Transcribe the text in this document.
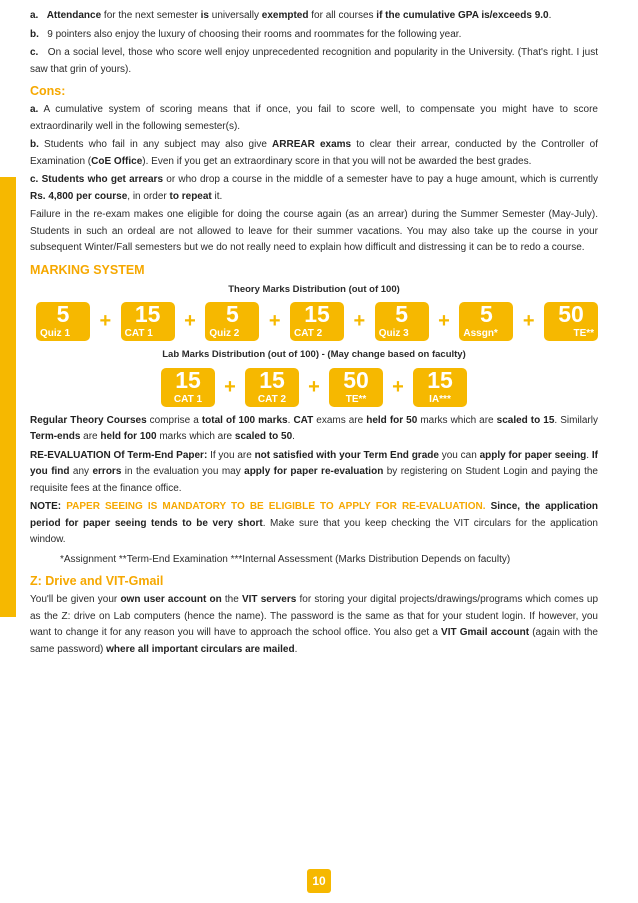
a. Attendance for the next semester is universally exempted for all courses if the cumulative GPA is/exceeds 9.0.

b. 9 pointers also enjoy the luxury of choosing their rooms and roommates for the following year.

c. On a social level, those who score well enjoy unprecedented recognition and popularity in the University. (That's right. I just saw that grin of yours).

Cons:

a. A cumulative system of scoring means that if once, you fail to score well, to compensate you might have to score extraordinarily well in the following semester(s).

b. Students who fail in any subject may also give ARREAR exams to clear their arrear, conducted by the Controller of Examination (CoE Office). Even if you get an extraordinary score in that you will not be awarded the best grades.

c. Students who get arrears or who drop a course in the middle of a semester have to pay a huge amount, which is currently Rs. 4,800 per course, in order to repeat it.

Failure in the re-exam makes one eligible for doing the course again (as an arrear) during the Summer Semester (May-July). Students in such an ordeal are not allowed to leave for their summer vacations. You may also take up the course in your subsequent Winter/Fall semesters but we do not really need to explain how difficult and distressing it can be to redo a course.

MARKING SYSTEM
Theory Marks Distribution (out of 100)
5
Quiz 1
+	15
CAT 1
+	5
Quiz 2
+	15
CAT 2
+	5
Quiz 3
+	5
Assgn*
+	50
TE**
Lab Marks Distribution (out of 100) - (May change based on faculty)
15
CAT 1
+	15
CAT 2
+	50
TE**
+	15
IA***

Regular Theory Courses comprise a total of 100 marks. CAT exams are held for 50 marks which are scaled to 15. Similarly Term-ends are held for 100 marks which are scaled to 50.

RE-EVALUATION Of Term-End Paper: If you are not satisfied with your Term End grade you can apply for paper seeing. If you find any errors in the evaluation you may apply for paper re-evaluation by registering on Student Login and paying the requisite fees at the finance office.

NOTE: PAPER SEEING IS MANDATORY TO BE ELIGIBLE TO APPLY FOR RE-EVALUATION. Since, the application period for paper seeing tends to be very short. Make sure that you keep checking the VIT circulars for the application window.

*Assignment **Term-End Examination ***Internal Assessment (Marks Distribution Depends on faculty)

Z: Drive and VIT-Gmail

You'll be given your own user account on the VIT servers for storing your digital projects/drawings/programs which comes up as the Z: drive on Lab computers (hence the name). The password is the same as that for your student login. If however, you want to change it for any reason you will have to approach the school office. You also get a VIT Gmail account (again with the same password) where all important circulars are mailed.

10
